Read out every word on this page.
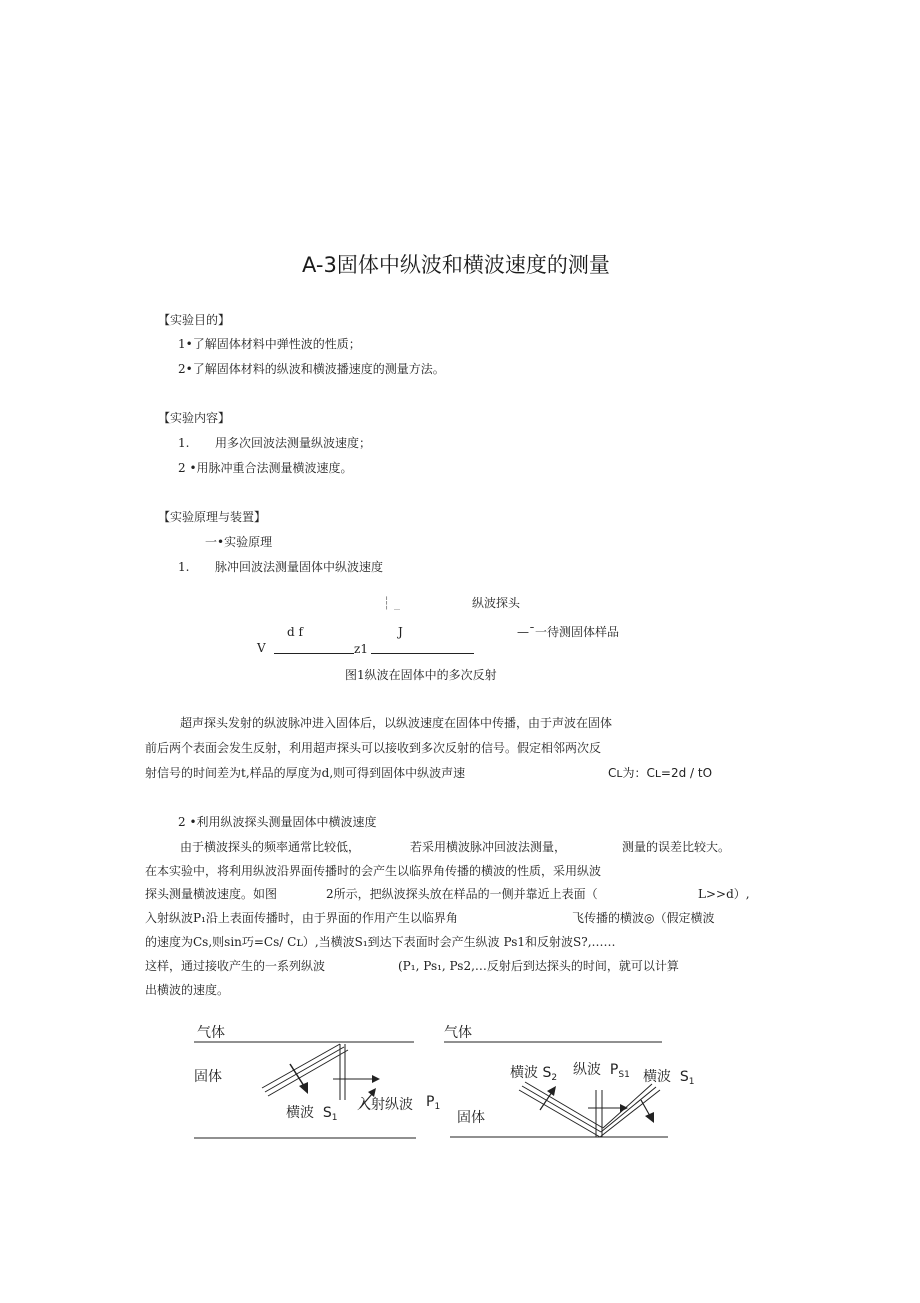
A-3固体中纵波和横波速度的测量
【实验目的】
1•了解固体材料中弹性波的性质；
2•了解固体材料的纵波和横波播速度的测量方法。
【实验内容】
1. 用多次回波法测量纵波速度；
2 •用脉冲重合法测量横波速度。
【实验原理与装置】
一•实验原理
1. 脉冲回波法测量固体中纵波速度
┆ _	纵波探头
d f	J	—ˉ一待测固体样品
V	z1
图1纵波在固体中的多次反射
超声探头发射的纵波脉冲进入固体后，以纵波速度在固体中传播，由于声波在固体
前后两个表面会发生反射，利用超声探头可以接收到多次反射的信号。假定相邻两次反
射信号的时间差为t,样品的厚度为d,则可得到固体中纵波声速	Cʟ为：Cʟ=2d / tO
2 •利用纵波探头测量固体中横波速度
由于横波探头的频率通常比较低，	若采用横波脉冲回波法测量，	测量的误差比较大。
在本实验中，将利用纵波沿界面传播时的会产生以临界角传播的横波的性质，采用纵波
探头测量横波速度。如图	2所示，把纵波探头放在样品的一侧并靠近上表面（	L>>d）,
入射纵波P₁沿上表面传播时，由于界面的作用产生以临界角	飞传播的横波◎（假定横波
的速度为Cs,则sin巧=Cs/ Cʟ）,当横波S₁到达下表面时会产生纵波 Ps1和反射波S?,……
这样，通过接收产生的一系列纵波	(P₁, Ps₁, Ps2,…反射后到达探头的时间，就可以计算
出横波的速度。
气体
固体
横波 $S_1$
入射纵波 $P_1$
气体
横波 $S_2$ 纵波 $P_{S1}$ 横波 $S_1$
固体
